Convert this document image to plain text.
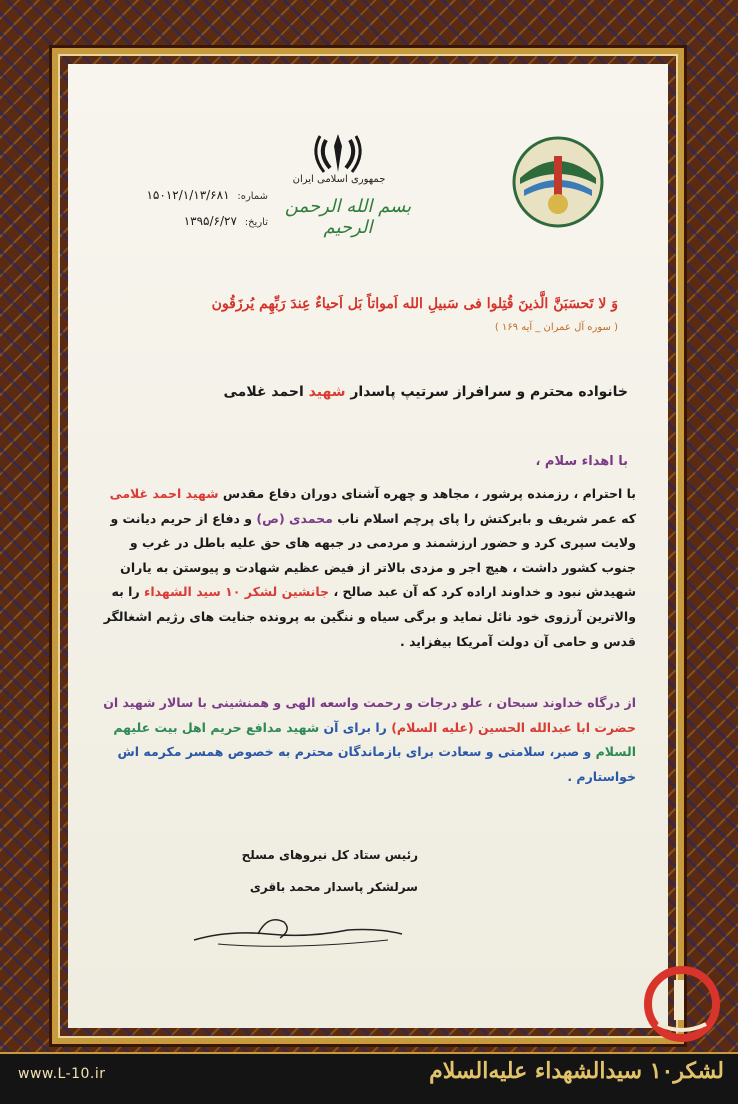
جمهوری اسلامی ایران
بسم الله الرحمن الرحیم
شماره: ۱۵۰۱۲/۱/۱۳/۶۸۱
تاریخ: ۱۳۹۵/۶/۲۷
وَ لا تَحسَبَنَّ الَّذینَ قُتِلوا فی سَبیلِ الله اَمواتاً بَل اَحیاءٌ عِندَ رَبِّهِم یُرزَقُون
( سوره آل عمران _ آیه ۱۶۹ )
خانواده محترم و سرافراز سرتیپ پاسدار شهید احمد غلامی
با اهداء سلام ،
با احترام ، رزمنده پرشور ، مجاهد و چهره آشنای دوران دفاع مقدس شهید احمد غلامی که عمر شریف و بابرکتش را پای پرچم اسلام ناب محمدی (ص) و دفاع از حریم دیانت و ولایت سپری کرد و حضور ارزشمند و مردمی در جبهه های حق علیه باطل در غرب و جنوب کشور داشت ، هیچ اجر و مزدی بالاتر از فیض عظیم شهادت و پیوستن به یاران شهیدش نبود و خداوند اراده کرد که آن عبد صالح ، جانشین لشکر ۱۰ سید الشهداء را به والاترین آرزوی خود نائل نماید و برگی سیاه و ننگین به پرونده جنایت های رژیم اشغالگر قدس و حامی آن دولت آمریکا بیفزاید .
از درگاه خداوند سبحان ، علو درجات و رحمت واسعه الهی و همنشینی با سالار شهید ان حضرت ابا عبدالله الحسین (علیه السلام) را برای آن شهید مدافع حریم اهل بیت علیهم السلام و صبر، سلامتی و سعادت برای بازماندگان محترم به خصوص همسر مکرمه اش خواستارم .
رئیس ستاد کل نیروهای مسلح
سرلشکر پاسدار محمد باقری
www.L-10.ir	لشکر۱۰ سیدالشهداء علیه‌السلام
